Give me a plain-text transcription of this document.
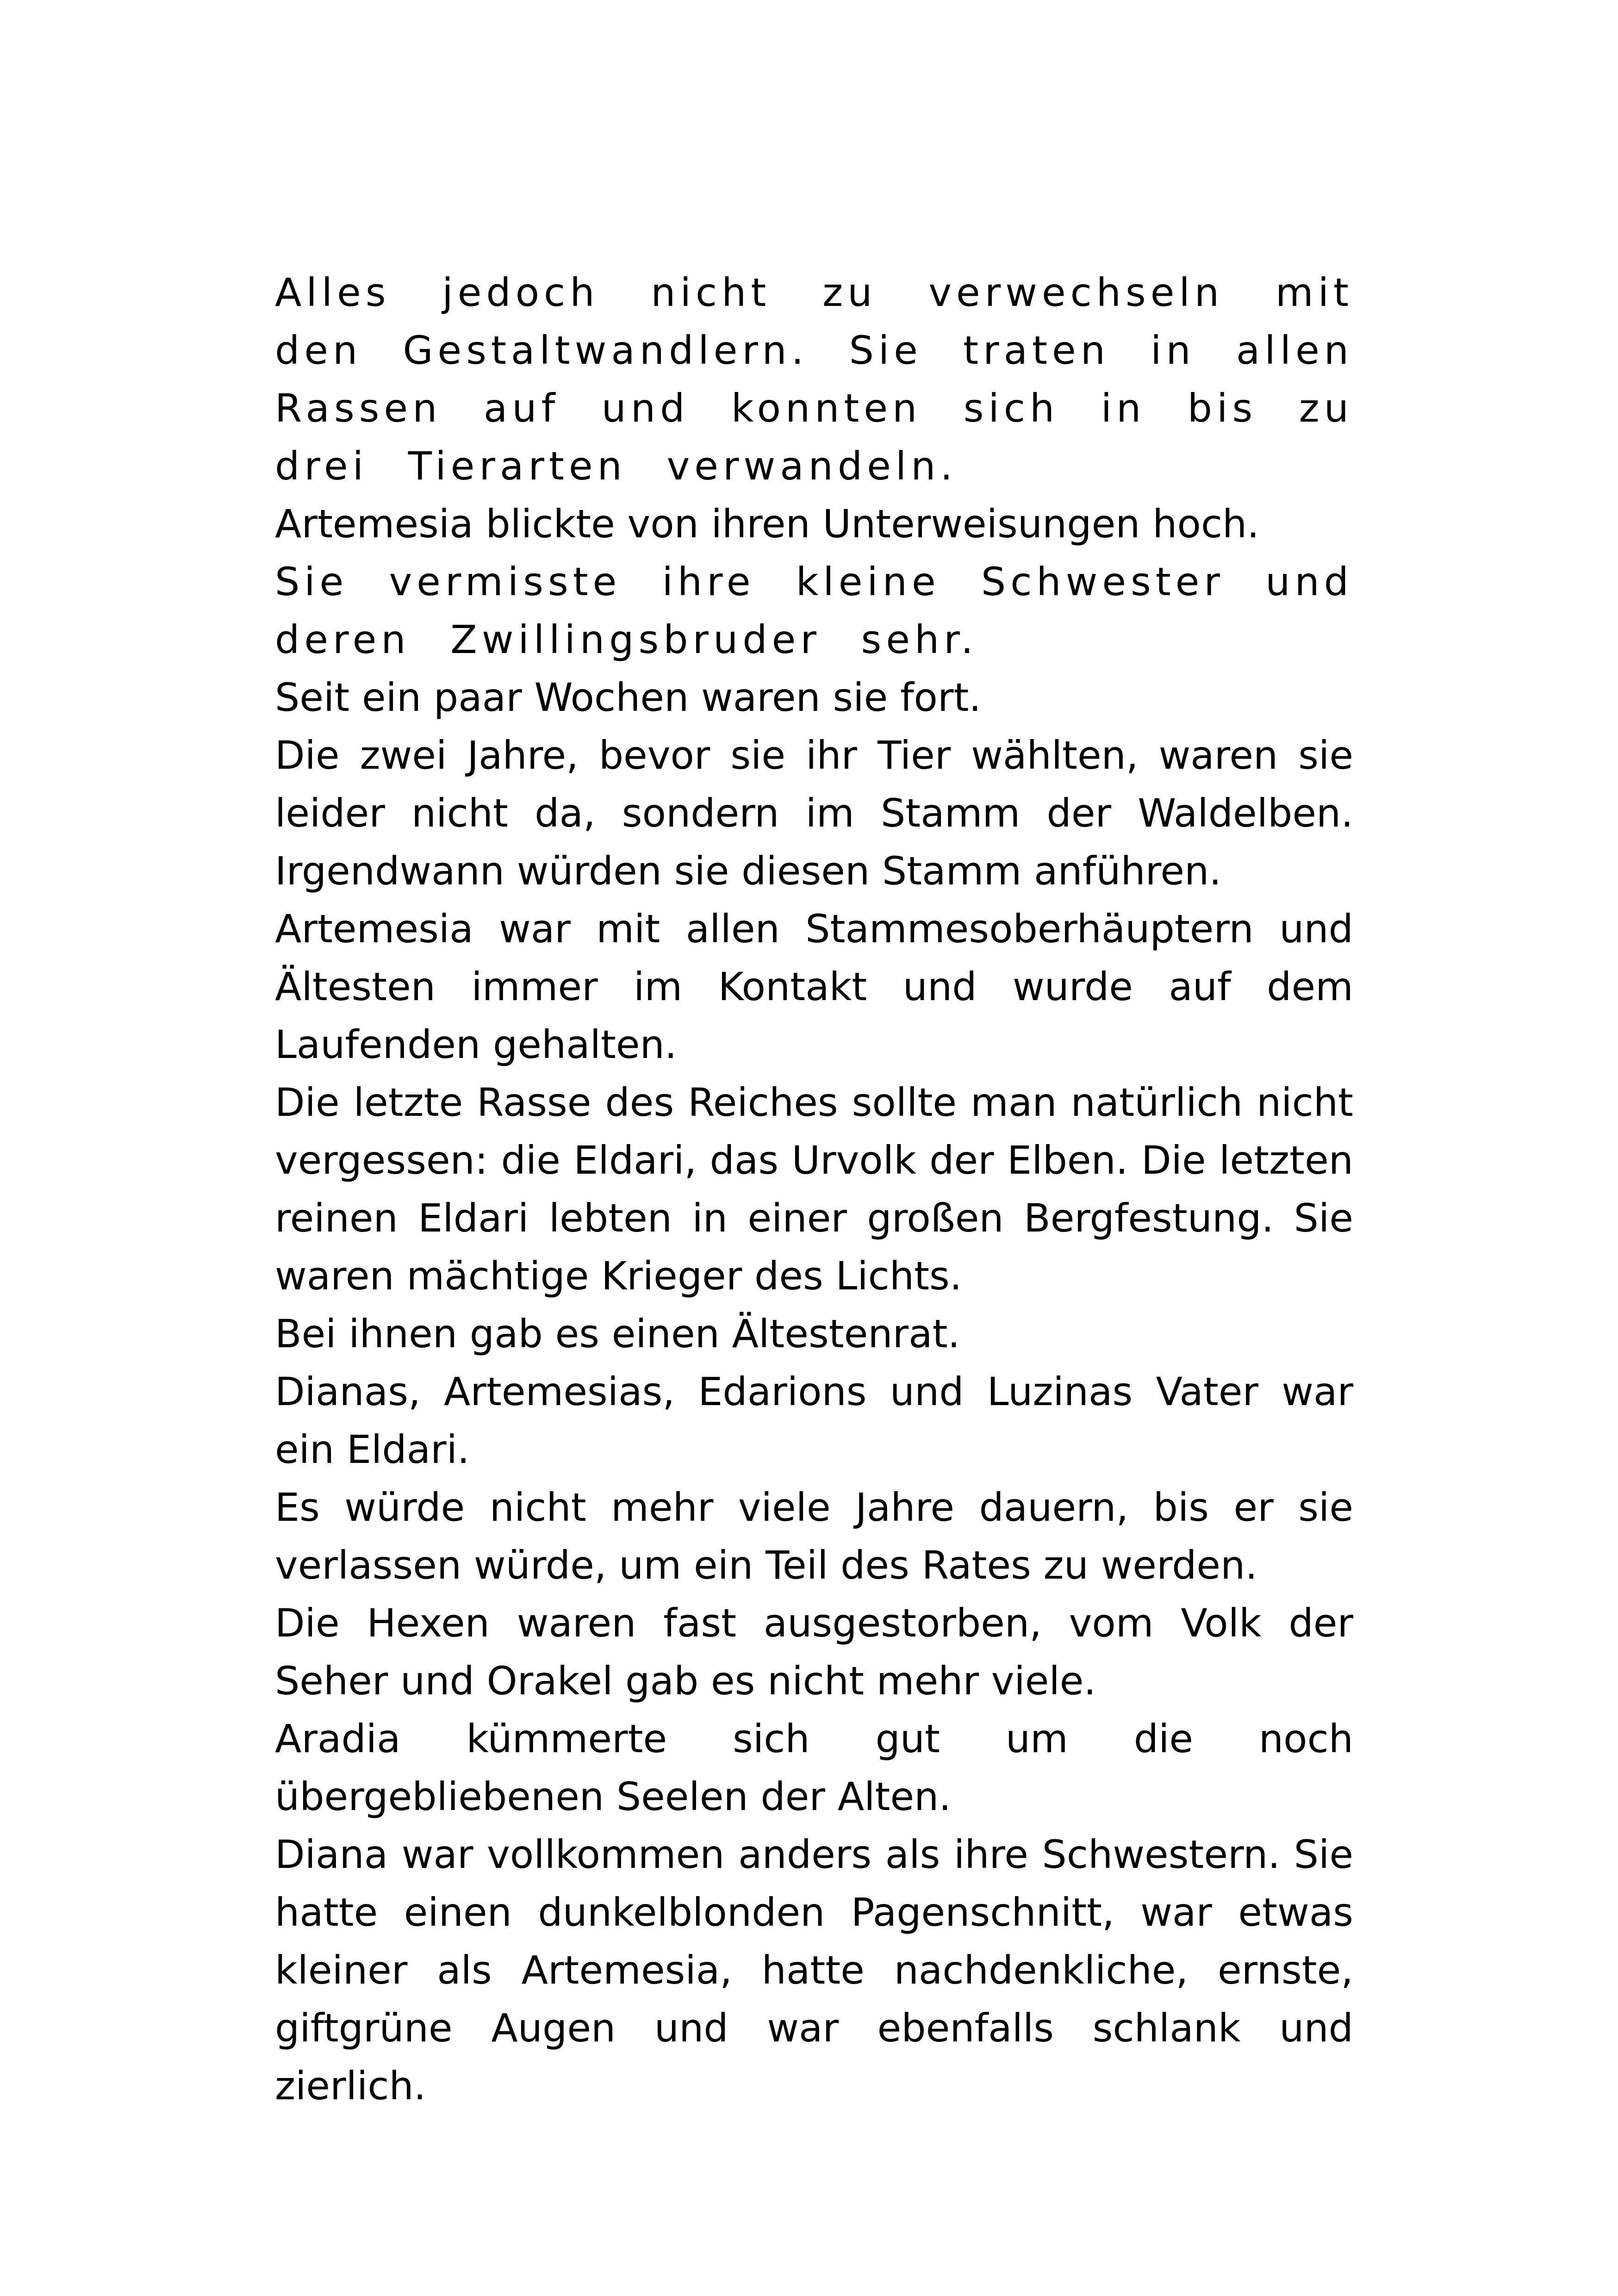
Alles jedoch nicht zu verwechseln mit den Gestaltwandlern. Sie traten in allen Rassen auf und konnten sich in bis zu drei Tierarten verwandeln.

Artemesia blickte von ihren Unterweisungen hoch.

Sie vermisste ihre kleine Schwester und deren Zwillingsbruder sehr.

Seit ein paar Wochen waren sie fort.

Die zwei Jahre, bevor sie ihr Tier wählten, waren sie leider nicht da, sondern im Stamm der Waldelben. Irgendwann würden sie diesen Stamm anführen.

Artemesia war mit allen Stammesoberhäuptern und Ältesten immer im Kontakt und wurde auf dem Laufenden gehalten.

Die letzte Rasse des Reiches sollte man natürlich nicht vergessen: die Eldari, das Urvolk der Elben. Die letzten reinen Eldari lebten in einer großen Bergfestung. Sie waren mächtige Krieger des Lichts.

Bei ihnen gab es einen Ältestenrat.

Dianas, Artemesias, Edarions und Luzinas Vater war ein Eldari.

Es würde nicht mehr viele Jahre dauern, bis er sie verlassen würde, um ein Teil des Rates zu werden.

Die Hexen waren fast ausgestorben, vom Volk der Seher und Orakel gab es nicht mehr viele.

Aradia kümmerte sich gut um die noch übergebliebenen Seelen der Alten.

Diana war vollkommen anders als ihre Schwestern. Sie hatte einen dunkelblonden Pagenschnitt, war etwas kleiner als Artemesia, hatte nachdenkliche, ernste, giftgrüne Augen und war ebenfalls schlank und zierlich.
